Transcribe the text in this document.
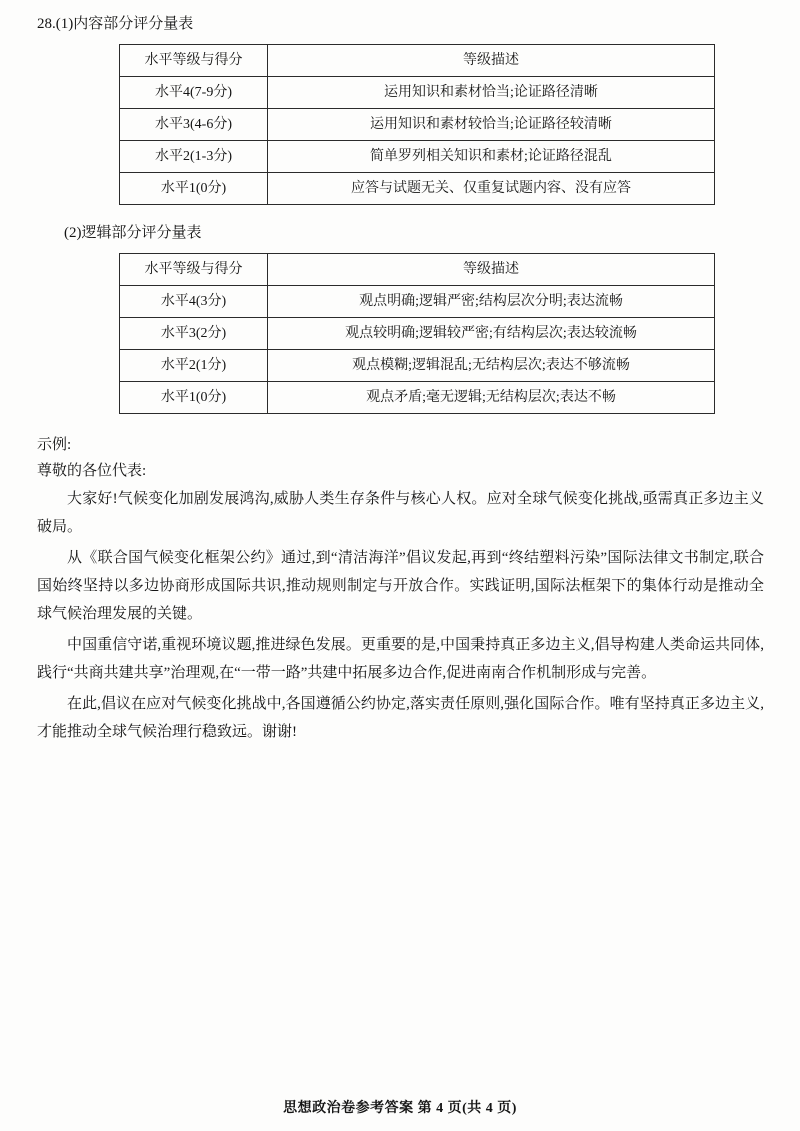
28.(1)内容部分评分量表
水平等级与得分	等级描述
水平4(7-9分)	运用知识和素材恰当;论证路径清晰
水平3(4-6分)	运用知识和素材较恰当;论证路径较清晰
水平2(1-3分)	简单罗列相关知识和素材;论证路径混乱
水平1(0分)	应答与试题无关、仅重复试题内容、没有应答
(2)逻辑部分评分量表
水平等级与得分	等级描述
水平4(3分)	观点明确;逻辑严密;结构层次分明;表达流畅
水平3(2分)	观点较明确;逻辑较严密;有结构层次;表达较流畅
水平2(1分)	观点模糊;逻辑混乱;无结构层次;表达不够流畅
水平1(0分)	观点矛盾;毫无逻辑;无结构层次;表达不畅
示例:
尊敬的各位代表:

大家好!气候变化加剧发展鸿沟,威胁人类生存条件与核心人权。应对全球气候变化挑战,亟需真正多边主义破局。

从《联合国气候变化框架公约》通过,到“清洁海洋”倡议发起,再到“终结塑料污染”国际法律文书制定,联合国始终坚持以多边协商形成国际共识,推动规则制定与开放合作。实践证明,国际法框架下的集体行动是推动全球气候治理发展的关键。

中国重信守诺,重视环境议题,推进绿色发展。更重要的是,中国秉持真正多边主义,倡导构建人类命运共同体,践行“共商共建共享”治理观,在“一带一路”共建中拓展多边合作,促进南南合作机制形成与完善。

在此,倡议在应对气候变化挑战中,各国遵循公约协定,落实责任原则,强化国际合作。唯有坚持真正多边主义,才能推动全球气候治理行稳致远。谢谢!

思想政治卷参考答案 第 4 页(共 4 页)
